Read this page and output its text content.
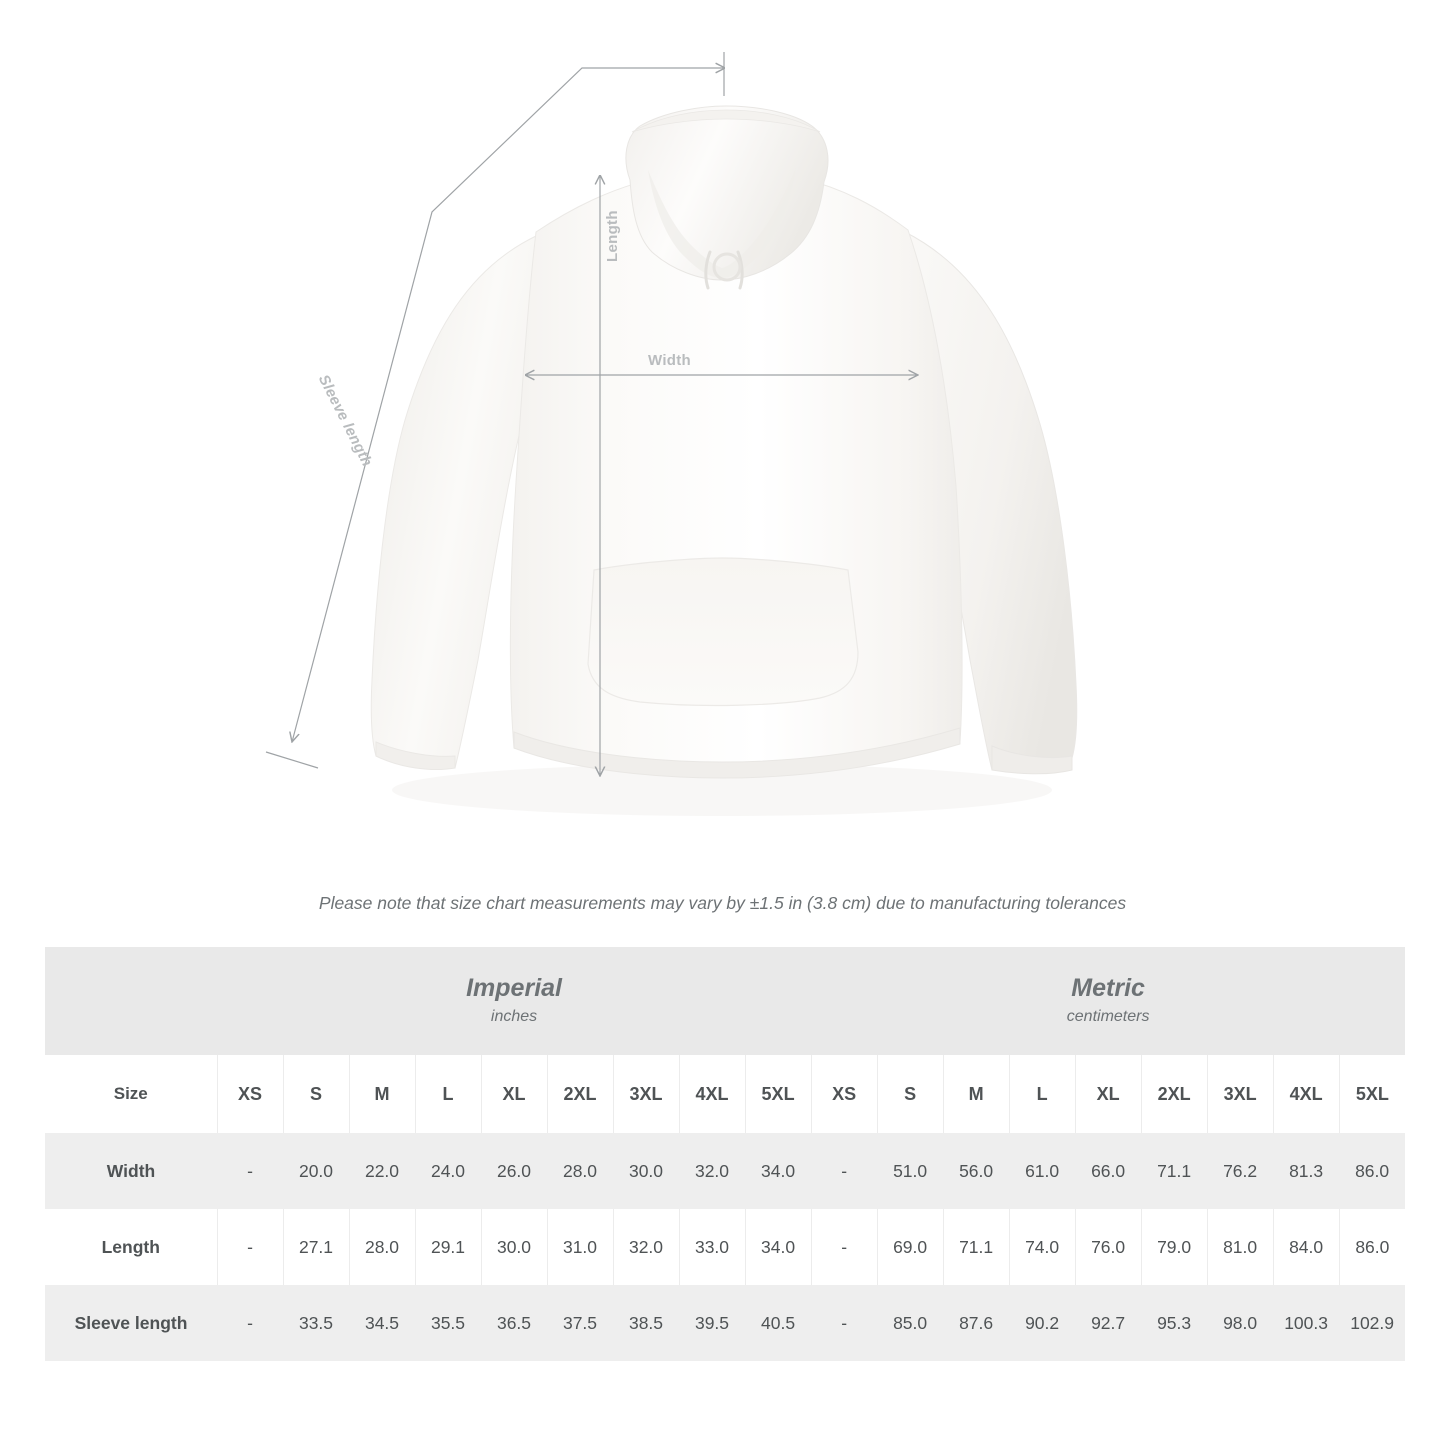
Width
Length
Sleeve length
Please note that size chart measurements may vary by ±1.5 in (3.8 cm) due to manufacturing tolerances

Imperial
inches

Metric
centimeters

Size	XS	S	M	L	XL	2XL	3XL	4XL	5XL	XS	S	M	L	XL	2XL	3XL	4XL	5XL
Width	-	20.0	22.0	24.0	26.0	28.0	30.0	32.0	34.0	-	51.0	56.0	61.0	66.0	71.1	76.2	81.3	86.0
Length	-	27.1	28.0	29.1	30.0	31.0	32.0	33.0	34.0	-	69.0	71.1	74.0	76.0	79.0	81.0	84.0	86.0
Sleeve length	-	33.5	34.5	35.5	36.5	37.5	38.5	39.5	40.5	-	85.0	87.6	90.2	92.7	95.3	98.0	100.3	102.9
